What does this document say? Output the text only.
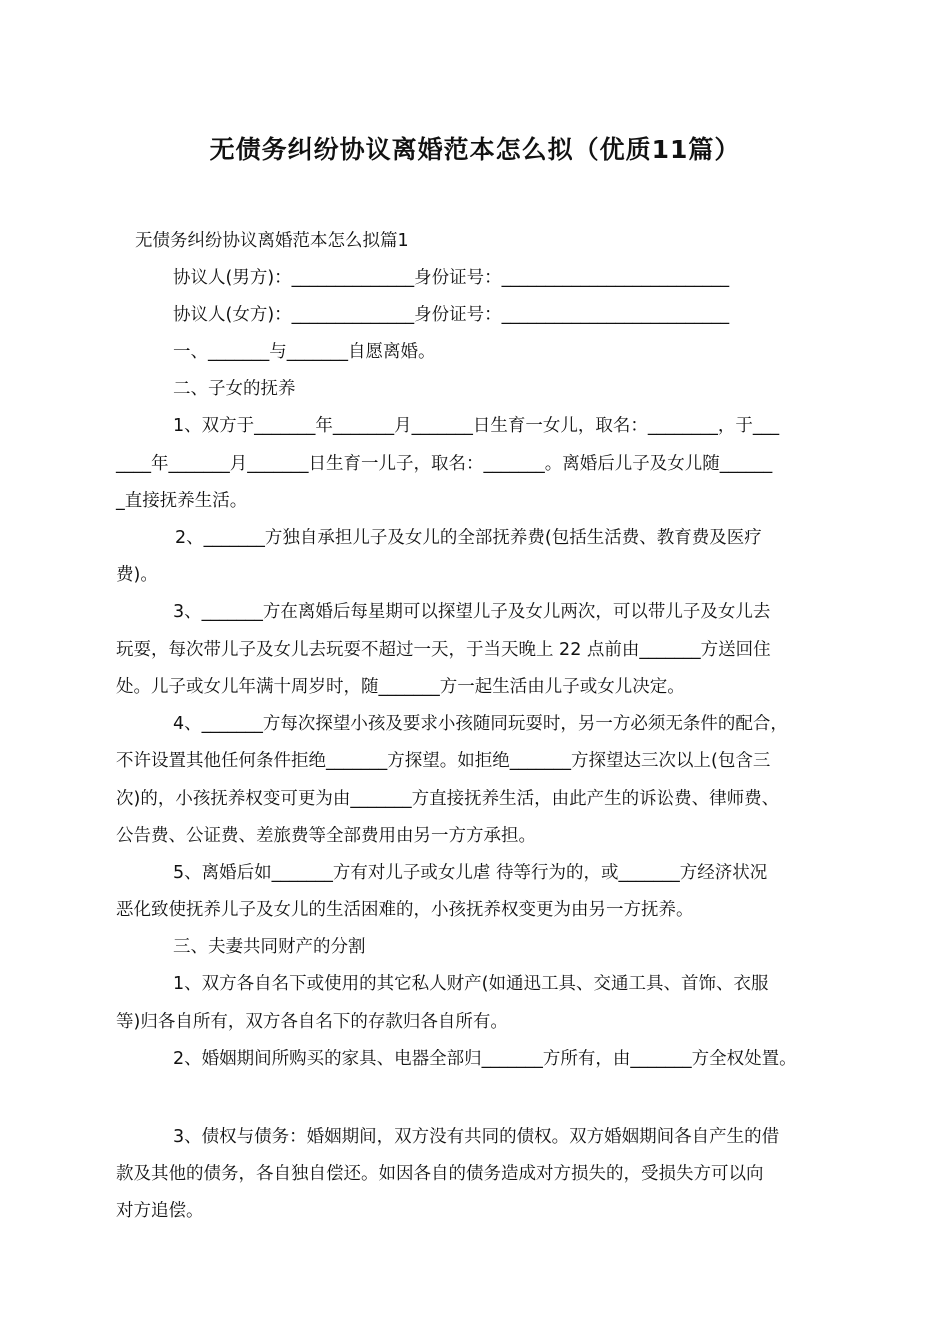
无债务纠纷协议离婚范本怎么拟（优质11篇）
无债务纠纷协议离婚范本怎么拟篇1
协议人(男方)：______________身份证号：__________________________
协议人(女方)：______________身份证号：__________________________
一、_______与_______自愿离婚。
二、子女的抚养
1、双方于_______年_______月_______日生育一女儿，取名：________，于___
____年_______月_______日生育一儿子，取名：_______。离婚后儿子及女儿随______
_直接抚养生活。
2、_______方独自承担儿子及女儿的全部抚养费(包括生活费、教育费及医疗
费)。
3、_______方在离婚后每星期可以探望儿子及女儿两次，可以带儿子及女儿去
玩耍，每次带儿子及女儿去玩耍不超过一天，于当天晚上 22 点前由_______方送回住
处。儿子或女儿年满十周岁时，随_______方一起生活由儿子或女儿决定。
4、_______方每次探望小孩及要求小孩随同玩耍时，另一方必须无条件的配合，
不许设置其他任何条件拒绝_______方探望。如拒绝_______方探望达三次以上(包含三
次)的，小孩抚养权变可更为由_______方直接抚养生活，由此产生的诉讼费、律师费、
公告费、公证费、差旅费等全部费用由另一方方承担。
5、离婚后如_______方有对儿子或女儿虐 待等行为的，或_______方经济状况
恶化致使抚养儿子及女儿的生活困难的，小孩抚养权变更为由另一方抚养。
三、夫妻共同财产的分割
1、双方各自名下或使用的其它私人财产(如通迅工具、交通工具、首饰、衣服
等)归各自所有，双方各自名下的存款归各自所有。
2、婚姻期间所购买的家具、电器全部归_______方所有，由_______方全权处置。
3、债权与债务：婚姻期间，双方没有共同的债权。双方婚姻期间各自产生的借
款及其他的债务，各自独自偿还。如因各自的债务造成对方损失的，受损失方可以向
对方追偿。
